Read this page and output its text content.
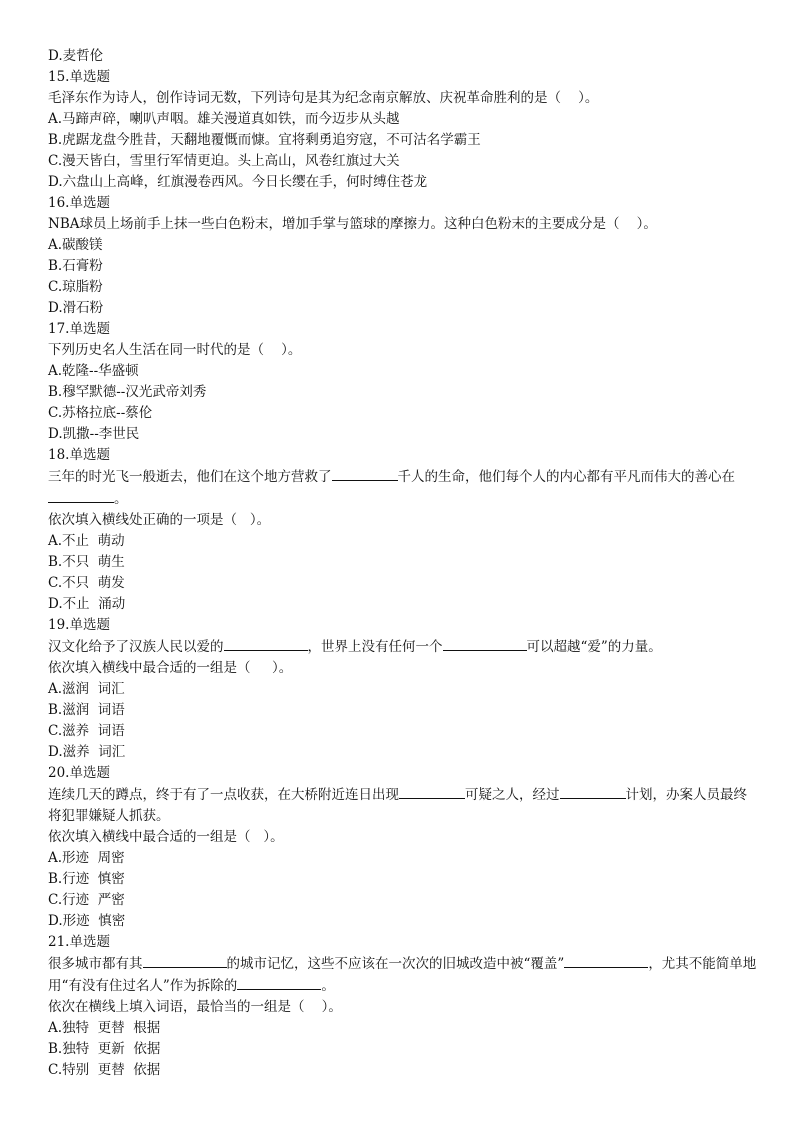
D.麦哲伦
15.单选题
毛泽东作为诗人，创作诗词无数，下列诗句是其为纪念南京解放、庆祝革命胜利的是（    ）。
A.马蹄声碎，喇叭声咽。雄关漫道真如铁，而今迈步从头越
B.虎踞龙盘今胜昔，天翻地覆慨而慷。宜将剩勇追穷寇，不可沽名学霸王
C.漫天皆白，雪里行军情更迫。头上高山，风卷红旗过大关
D.六盘山上高峰，红旗漫卷西风。今日长缨在手，何时缚住苍龙
16.单选题
NBA球员上场前手上抹一些白色粉末，增加手掌与篮球的摩擦力。这种白色粉末的主要成分是（    ）。
A.碳酸镁
B.石膏粉
C.琼脂粉
D.滑石粉
17.单选题
下列历史名人生活在同一时代的是（    ）。
A.乾隆--华盛顿
B.穆罕默德--汉光武帝刘秀
C.苏格拉底--蔡伦
D.凯撒--李世民
18.单选题
三年的时光飞一般逝去，他们在这个地方营救了	千人的生命，他们每个人的内心都有平凡而伟大的善心在。
依次填入横线处正确的一项是（   ）。
A.不止  萌动
B.不只  萌生
C.不只  萌发
D.不止  涌动
19.单选题
汉文化给予了汉族人民以爱的	，世界上没有任何一个	可以超越“爱”的力量。
依次填入横线中最合适的一组是（     ）。
A.滋润  词汇
B.滋润  词语
C.滋养  词语
D.滋养  词汇
20.单选题
连续几天的蹲点，终于有了一点收获，在大桥附近连日出现	可疑之人，经过	计划，办案人员最终将犯罪嫌疑人抓获。
依次填入横线中最合适的一组是（   ）。
A.形迹  周密
B.行迹  慎密
C.行迹  严密
D.形迹  慎密
21.单选题
很多城市都有其	的城市记忆，这些不应该在一次次的旧城改造中被“覆盖”	，尤其不能简单地用“有没有住过名人”作为拆除的	。
依次在横线上填入词语，最恰当的一组是（    ）。
A.独特  更替  根据
B.独特  更新  依据
C.特别  更替  依据
